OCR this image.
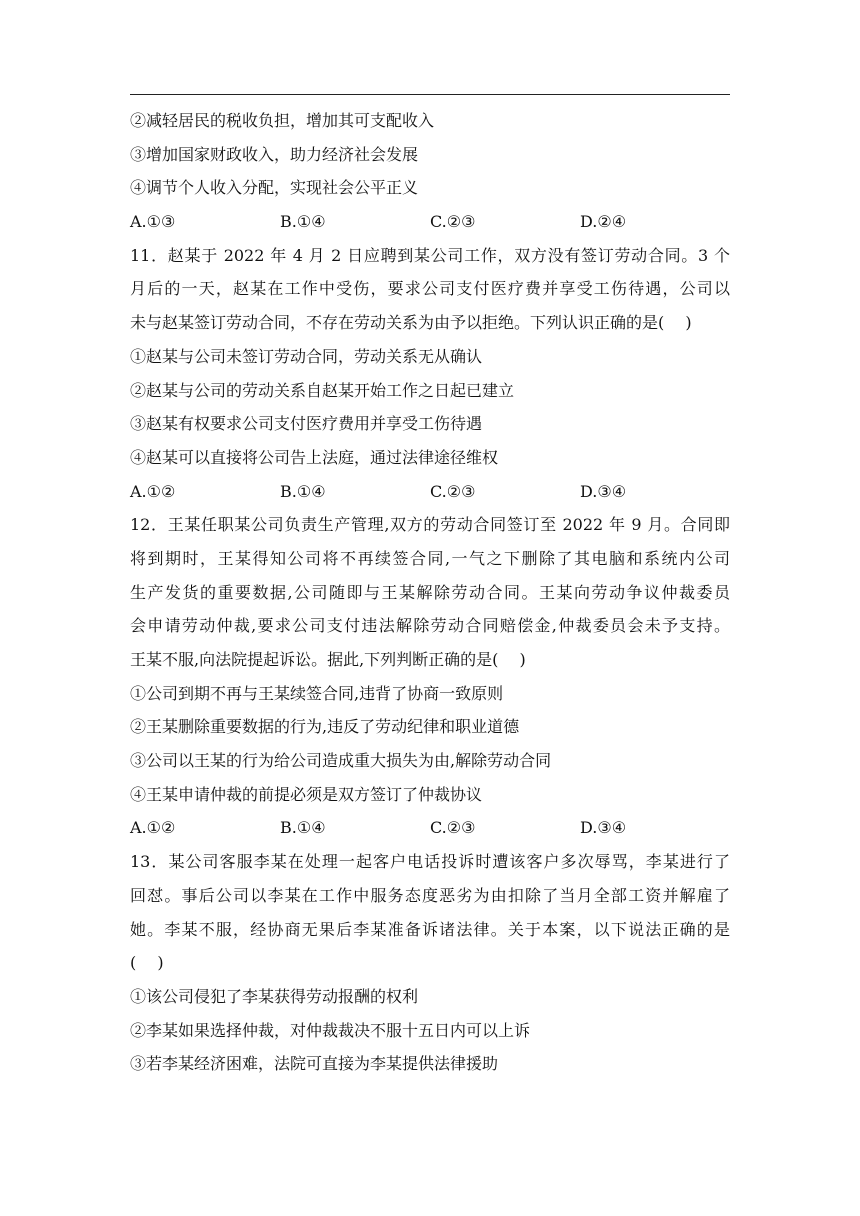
②减轻居民的税收负担，增加其可支配收入
③增加国家财政收入，助力经济社会发展
④调节个人收入分配，实现社会公平正义
A.①③	B.①④	C.②③	D.②④
11．赵某于 2022 年 4 月 2 日应聘到某公司工作，双方没有签订劳动合同。3 个
月后的一天，赵某在工作中受伤，要求公司支付医疗费并享受工伤待遇，公司以
未与赵某签订劳动合同，不存在劳动关系为由予以拒绝。下列认识正确的是(　 )
①赵某与公司未签订劳动合同，劳动关系无从确认
②赵某与公司的劳动关系自赵某开始工作之日起已建立
③赵某有权要求公司支付医疗费用并享受工伤待遇
④赵某可以直接将公司告上法庭，通过法律途径维权
A.①②	B.①④	C.②③	D.③④
12．王某任职某公司负责生产管理,双方的劳动合同签订至 2022 年 9 月。合同即
将到期时，王某得知公司将不再续签合同,一气之下删除了其电脑和系统内公司
生产发货的重要数据,公司随即与王某解除劳动合同。王某向劳动争议仲裁委员
会申请劳动仲裁,要求公司支付违法解除劳动合同赔偿金,仲裁委员会未予支持。
王某不服,向法院提起诉讼。据此,下列判断正确的是(　 )
①公司到期不再与王某续签合同,违背了协商一致原则
②王某删除重要数据的行为,违反了劳动纪律和职业道德
③公司以王某的行为给公司造成重大损失为由,解除劳动合同
④王某申请仲裁的前提必须是双方签订了仲裁协议
A.①②	B.①④	C.②③	D.③④
13．某公司客服李某在处理一起客户电话投诉时遭该客户多次辱骂，李某进行了
回怼。事后公司以李某在工作中服务态度恶劣为由扣除了当月全部工资并解雇了
她。李某不服，经协商无果后李某准备诉诸法律。关于本案，以下说法正确的是
(　 )
①该公司侵犯了李某获得劳动报酬的权利
②李某如果选择仲裁，对仲裁裁决不服十五日内可以上诉
③若李某经济困难，法院可直接为李某提供法律援助
